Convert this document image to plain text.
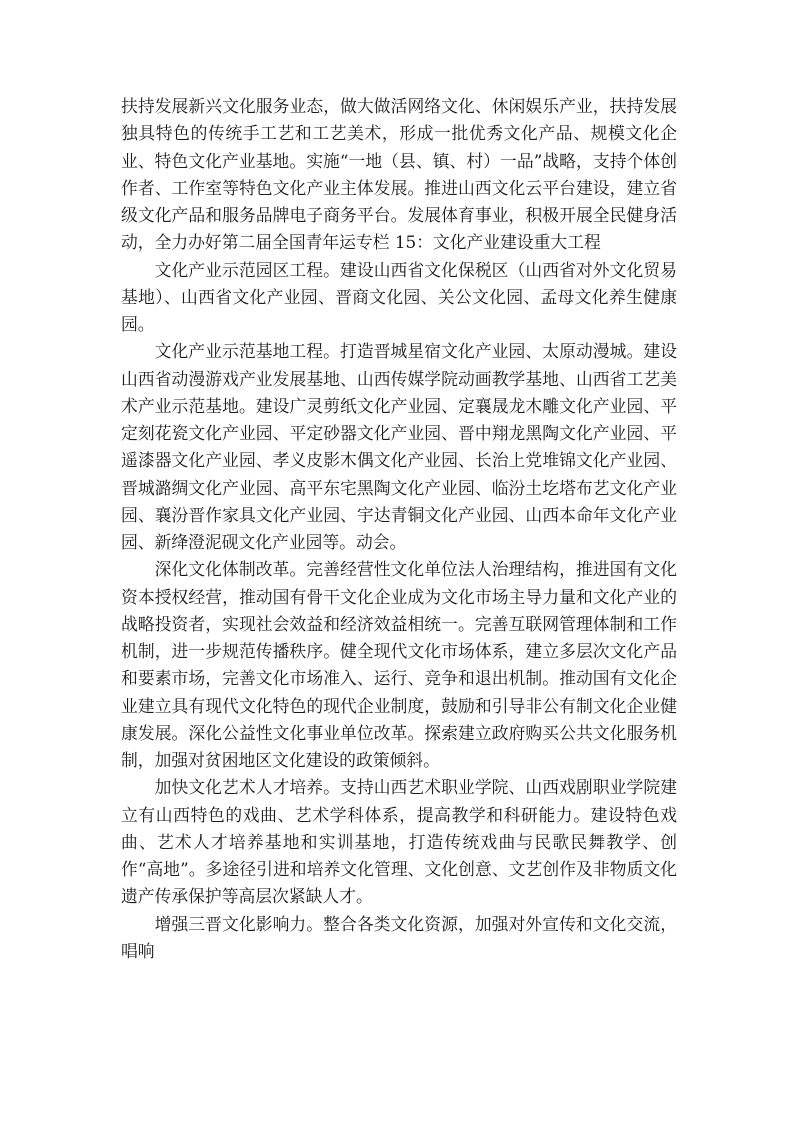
扶持发展新兴文化服务业态，做大做活网络文化、休闲娱乐产业，扶持发展独具特色的传统手工艺和工艺美术，形成一批优秀文化产品、规模文化企业、特色文化产业基地。实施“一地（县、镇、村）一品”战略，支持个体创作者、工作室等特色文化产业主体发展。推进山西文化云平台建设，建立省级文化产品和服务品牌电子商务平台。发展体育事业，积极开展全民健身活动，全力办好第二届全国青年运专栏 15：文化产业建设重大工程

文化产业示范园区工程。建设山西省文化保税区（山西省对外文化贸易基地）、山西省文化产业园、晋商文化园、关公文化园、孟母文化养生健康园。

文化产业示范基地工程。打造晋城星宿文化产业园、太原动漫城。建设山西省动漫游戏产业发展基地、山西传媒学院动画教学基地、山西省工艺美术产业示范基地。建设广灵剪纸文化产业园、定襄晟龙木雕文化产业园、平定刻花瓷文化产业园、平定砂器文化产业园、晋中翔龙黑陶文化产业园、平遥漆器文化产业园、孝义皮影木偶文化产业园、长治上党堆锦文化产业园、晋城潞绸文化产业园、高平东宅黑陶文化产业园、临汾土圪塔布艺文化产业园、襄汾晋作家具文化产业园、宇达青铜文化产业园、山西本命年文化产业园、新绛澄泥砚文化产业园等。动会。

深化文化体制改革。完善经营性文化单位法人治理结构，推进国有文化资本授权经营，推动国有骨干文化企业成为文化市场主导力量和文化产业的战略投资者，实现社会效益和经济效益相统一。完善互联网管理体制和工作机制，进一步规范传播秩序。健全现代文化市场体系，建立多层次文化产品和要素市场，完善文化市场准入、运行、竞争和退出机制。推动国有文化企业建立具有现代文化特色的现代企业制度，鼓励和引导非公有制文化企业健康发展。深化公益性文化事业单位改革。探索建立政府购买公共文化服务机制，加强对贫困地区文化建设的政策倾斜。

加快文化艺术人才培养。支持山西艺术职业学院、山西戏剧职业学院建立有山西特色的戏曲、艺术学科体系，提高教学和科研能力。建设特色戏曲、艺术人才培养基地和实训基地，打造传统戏曲与民歌民舞教学、创作“高地”。多途径引进和培养文化管理、文化创意、文艺创作及非物质文化遗产传承保护等高层次紧缺人才。

增强三晋文化影响力。整合各类文化资源，加强对外宣传和文化交流，唱响
